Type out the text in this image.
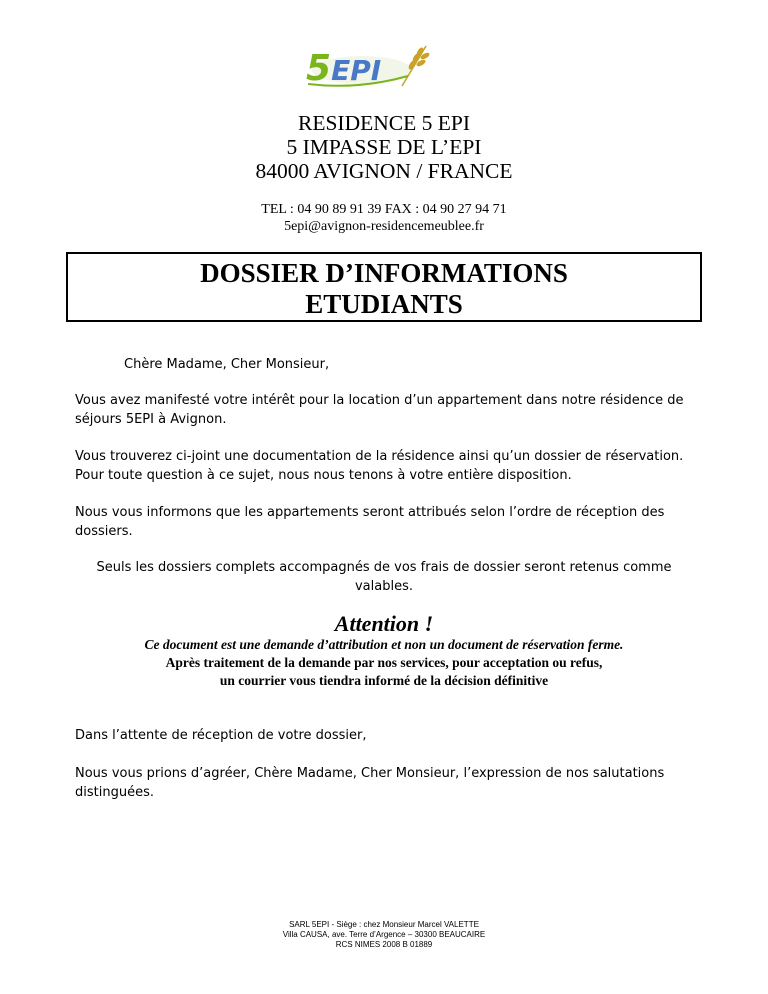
5EPI
RESIDENCE 5 EPI
5 IMPASSE DE L’EPI
84000 AVIGNON / FRANCE
TEL : 04 90 89 91 39 FAX : 04 90 27 94 71
5epi@avignon-residencemeublee.fr
DOSSIER D’INFORMATIONS
ETUDIANTS

Chère Madame, Cher Monsieur,

Vous avez manifesté votre intérêt pour la location d’un appartement dans notre résidence de
séjours 5EPI à Avignon.
Vous trouverez ci-joint une documentation de la résidence ainsi qu’un dossier de réservation.
Pour toute question à ce sujet, nous nous tenons à votre entière disposition.
Nous vous informons que les appartements seront attribués selon l’ordre de réception des
dossiers.
Seuls les dossiers complets accompagnés de vos frais de dossier seront retenus comme
valables.

Attention !

Ce document est une demande d’attribution et non un document de réservation ferme.

Après traitement de la demande par nos services, pour acceptation ou refus,

un courrier vous tiendra informé de la décision définitive

Dans l’attente de réception de votre dossier,

Nous vous prions d’agréer, Chère Madame, Cher Monsieur, l’expression de nos salutations
distinguées.
SARL 5EPI - Siège : chez Monsieur Marcel VALETTE
Villa CAUSA, ave. Terre d’Argence – 30300 BEAUCAIRE
RCS NIMES 2008 B 01889
